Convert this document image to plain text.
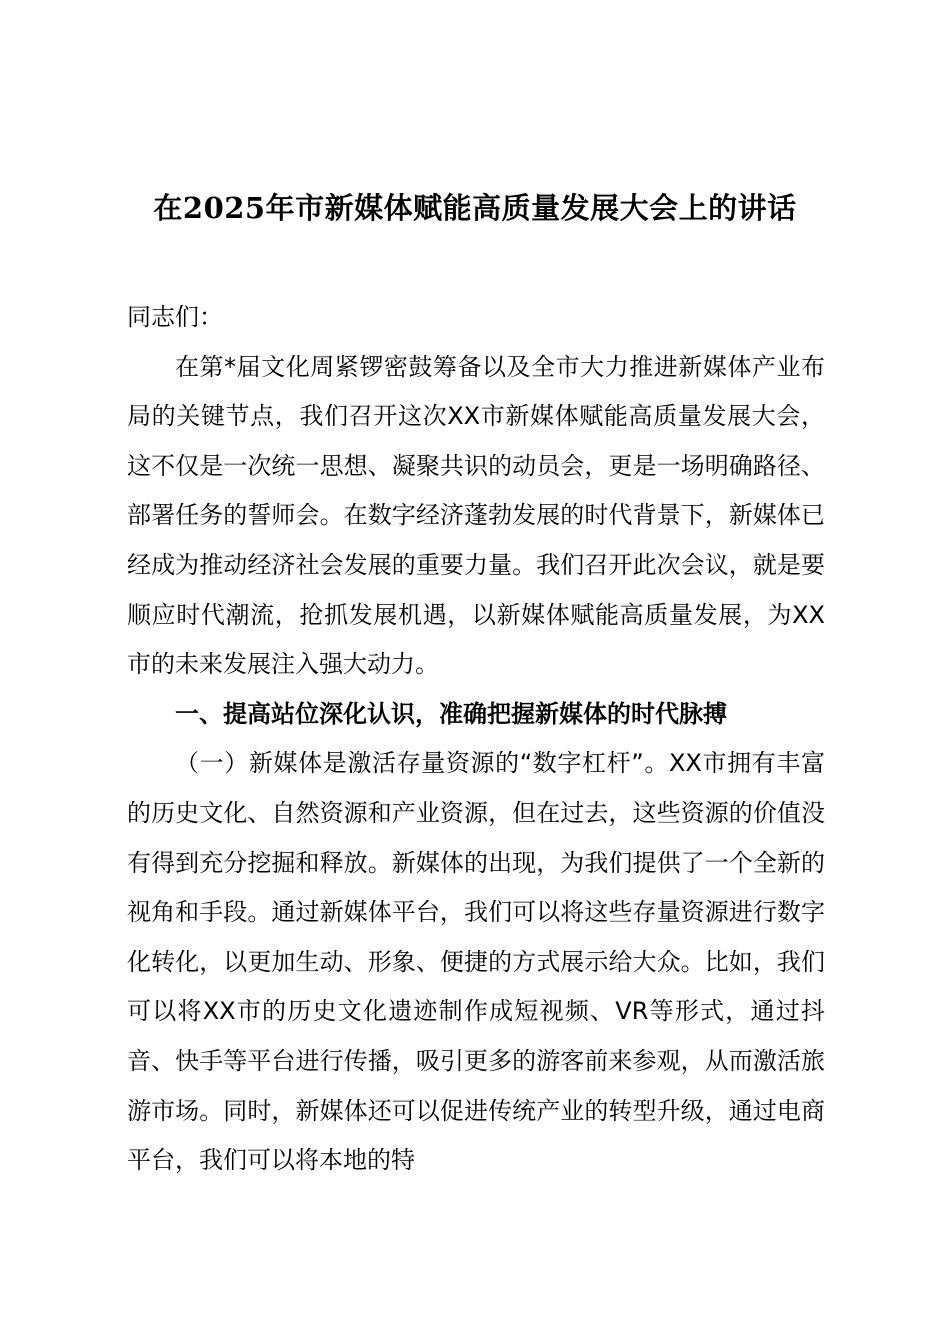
在2025年市新媒体赋能高质量发展大会上的讲话

同志们：

在第*届文化周紧锣密鼓筹备以及全市大力推进新媒体产业布局的关键节点，我们召开这次XX市新媒体赋能高质量发展大会，这不仅是一次统一思想、凝聚共识的动员会，更是一场明确路径、部署任务的誓师会。在数字经济蓬勃发展的时代背景下，新媒体已经成为推动经济社会发展的重要力量。我们召开此次会议，就是要顺应时代潮流，抢抓发展机遇，以新媒体赋能高质量发展，为XX市的未来发展注入强大动力。

一、提高站位深化认识，准确把握新媒体的时代脉搏

（一）新媒体是激活存量资源的“数字杠杆”。XX市拥有丰富的历史文化、自然资源和产业资源，但在过去，这些资源的价值没有得到充分挖掘和释放。新媒体的出现，为我们提供了一个全新的视角和手段。通过新媒体平台，我们可以将这些存量资源进行数字化转化，以更加生动、形象、便捷的方式展示给大众。比如，我们可以将XX市的历史文化遗迹制作成短视频、VR等形式，通过抖音、快手等平台进行传播，吸引更多的游客前来参观，从而激活旅游市场。同时，新媒体还可以促进传统产业的转型升级，通过电商平台，我们可以将本地的特
